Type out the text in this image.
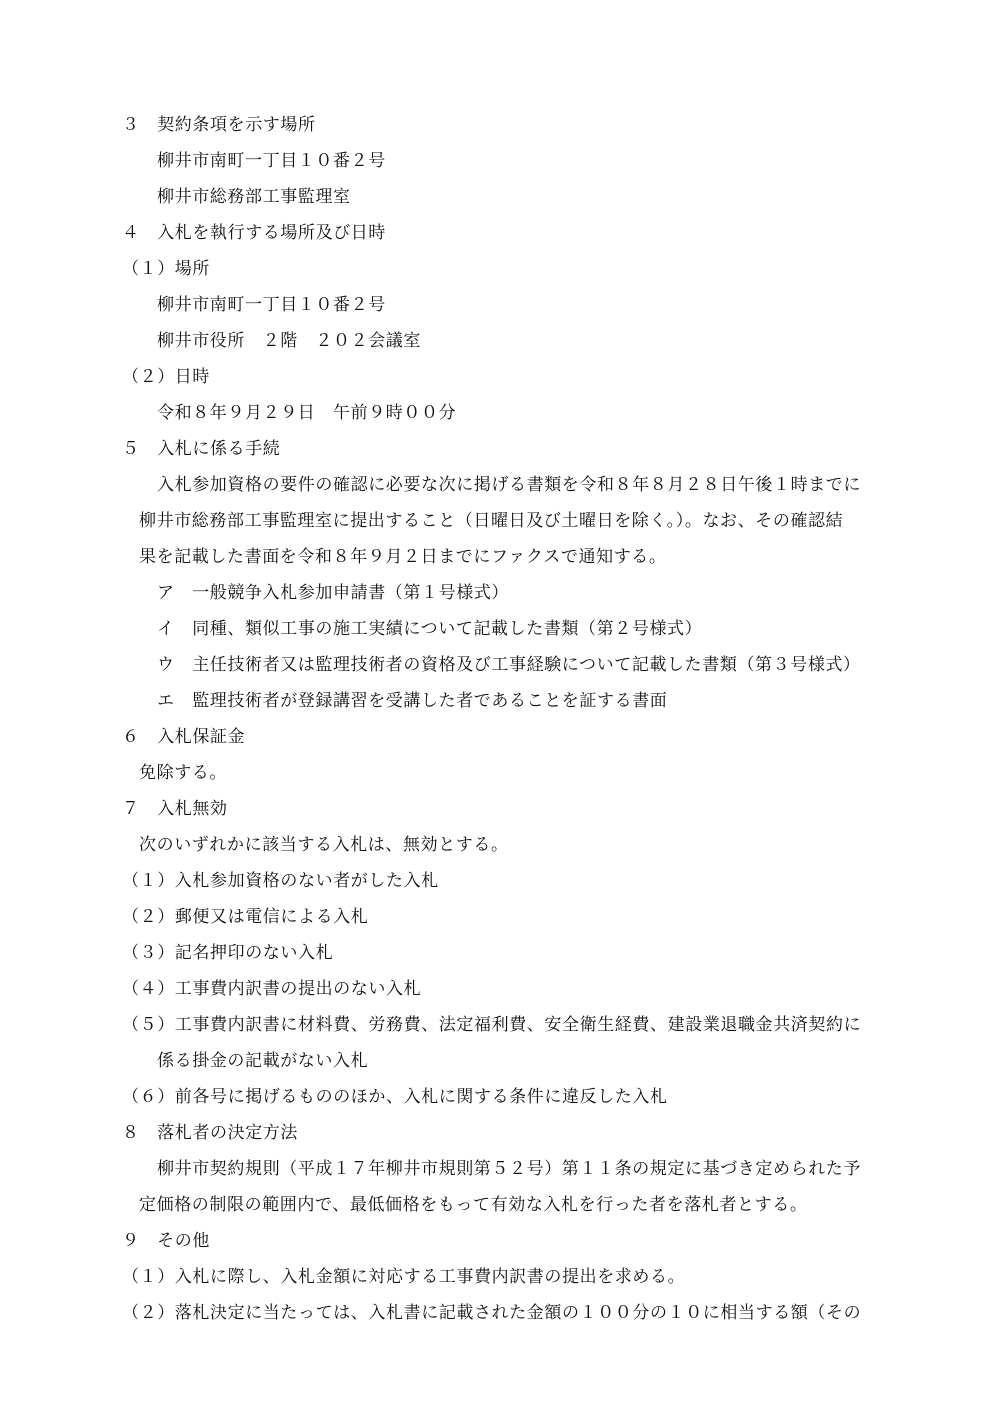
３　契約条項を示す場所
柳井市南町一丁目１０番２号
柳井市総務部工事監理室
４　入札を執行する場所及び日時
（１）場所
柳井市南町一丁目１０番２号
柳井市役所　２階　２０２会議室
（２）日時
令和８年９月２９日　午前９時００分
５　入札に係る手続
入札参加資格の要件の確認に必要な次に掲げる書類を令和８年８月２８日午後１時までに
柳井市総務部工事監理室に提出すること（日曜日及び土曜日を除く。）。なお、その確認結
果を記載した書面を令和８年９月２日までにファクスで通知する。
ア　一般競争入札参加申請書（第１号様式）
イ　同種、類似工事の施工実績について記載した書類（第２号様式）
ウ　主任技術者又は監理技術者の資格及び工事経験について記載した書類（第３号様式）
エ　監理技術者が登録講習を受講した者であることを証する書面
６　入札保証金
免除する。
７　入札無効
次のいずれかに該当する入札は、無効とする。
（１）入札参加資格のない者がした入札
（２）郵便又は電信による入札
（３）記名押印のない入札
（４）工事費内訳書の提出のない入札
（５）工事費内訳書に材料費、労務費、法定福利費、安全衛生経費、建設業退職金共済契約に
係る掛金の記載がない入札
（６）前各号に掲げるもののほか、入札に関する条件に違反した入札
８　落札者の決定方法
柳井市契約規則（平成１７年柳井市規則第５２号）第１１条の規定に基づき定められた予
定価格の制限の範囲内で、最低価格をもって有効な入札を行った者を落札者とする。
９　その他
（１）入札に際し、入札金額に対応する工事費内訳書の提出を求める。
（２）落札決定に当たっては、入札書に記載された金額の１００分の１０に相当する額（その
